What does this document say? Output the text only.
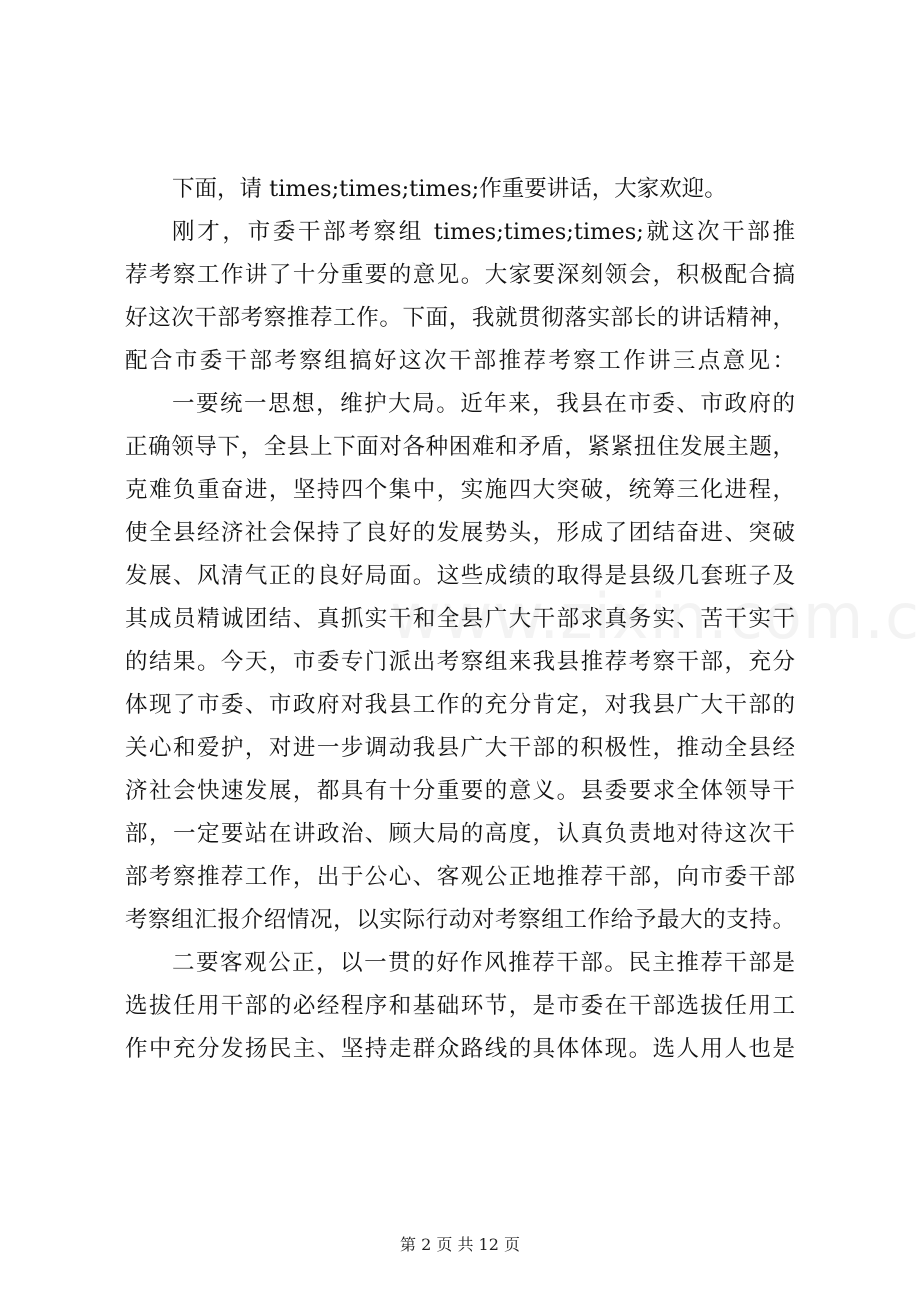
下面，请 times;times;times;作重要讲话，大家欢迎。
刚才，市委干部考察组 times;times;times;就这次干部推
荐考察工作讲了十分重要的意见。大家要深刻领会，积极配合搞
好这次干部考察推荐工作。下面，我就贯彻落实部长的讲话精神，
配合市委干部考察组搞好这次干部推荐考察工作讲三点意见：
一要统一思想，维护大局。近年来，我县在市委、市政府的
正确领导下，全县上下面对各种困难和矛盾，紧紧扭住发展主题，
克难负重奋进，坚持四个集中，实施四大突破，统筹三化进程，
使全县经济社会保持了良好的发展势头，形成了团结奋进、突破
发展、风清气正的良好局面。这些成绩的取得是县级几套班子及
其成员精诚团结、真抓实干和全县广大干部求真务实、苦干实干
的结果。今天，市委专门派出考察组来我县推荐考察干部，充分
体现了市委、市政府对我县工作的充分肯定，对我县广大干部的
关心和爱护，对进一步调动我县广大干部的积极性，推动全县经
济社会快速发展，都具有十分重要的意义。县委要求全体领导干
部，一定要站在讲政治、顾大局的高度，认真负责地对待这次干
部考察推荐工作，出于公心、客观公正地推荐干部，向市委干部
考察组汇报介绍情况，以实际行动对考察组工作给予最大的支持。
二要客观公正，以一贯的好作风推荐干部。民主推荐干部是
选拔任用干部的必经程序和基础环节，是市委在干部选拔任用工
作中充分发扬民主、坚持走群众路线的具体体现。选人用人也是
第 2 页 共 12 页
